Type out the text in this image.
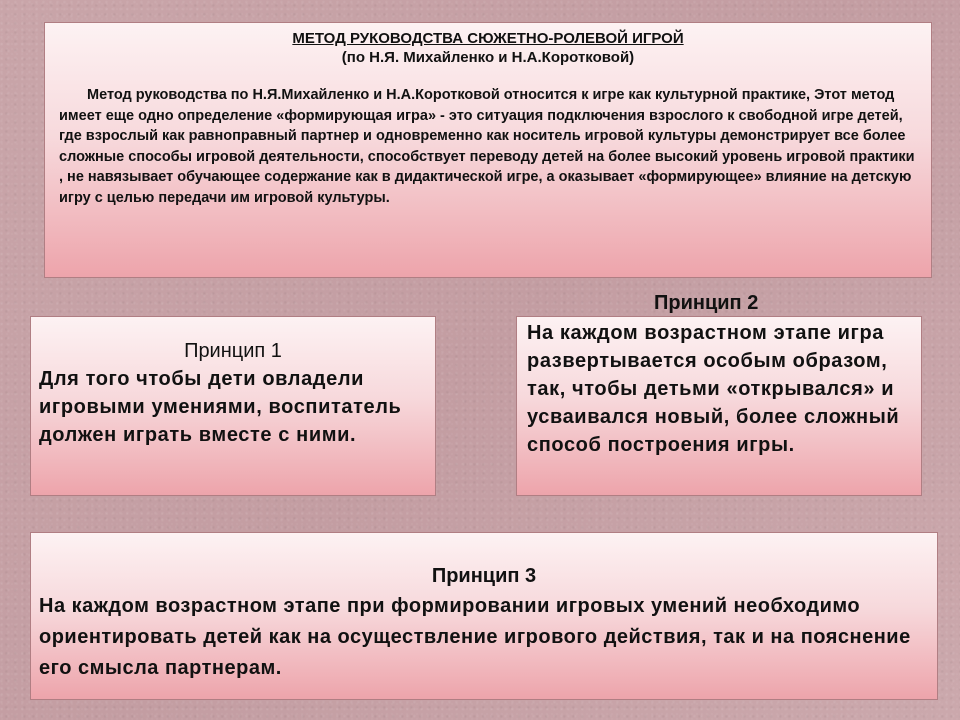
МЕТОД РУКОВОДСТВА СЮЖЕТНО-РОЛЕВОЙ ИГРОЙ
(по Н.Я. Михайленко и Н.А.Коротковой)

Метод руководства по Н.Я.Михайленко и Н.А.Коротковой относится к игре как культурной практике, Этот метод имеет еще одно определение «формирующая игра» - это ситуация подключения взрослого к свободной игре детей, где взрослый как равноправный партнер и одновременно как носитель игровой культуры демонстрирует все более сложные способы игровой деятельности, способствует переводу детей на более высокий уровень игровой практики , не навязывает обучающее содержание как в дидактической игре, а оказывает «формирующее» влияние на детскую игру с целью передачи им игровой культуры.

Принцип 1

Для того чтобы дети овладели игровыми умениями, воспитатель должен играть вместе с ними.

Принцип 2

На каждом возрастном этапе игра развертывается особым образом, так, чтобы детьми «открывался» и усваивался новый, более сложный способ построения игры.

Принцип 3

На каждом возрастном этапе при формировании игровых умений необходимо ориентировать детей как на осуществление игрового действия, так и на пояснение его смысла партнерам.
